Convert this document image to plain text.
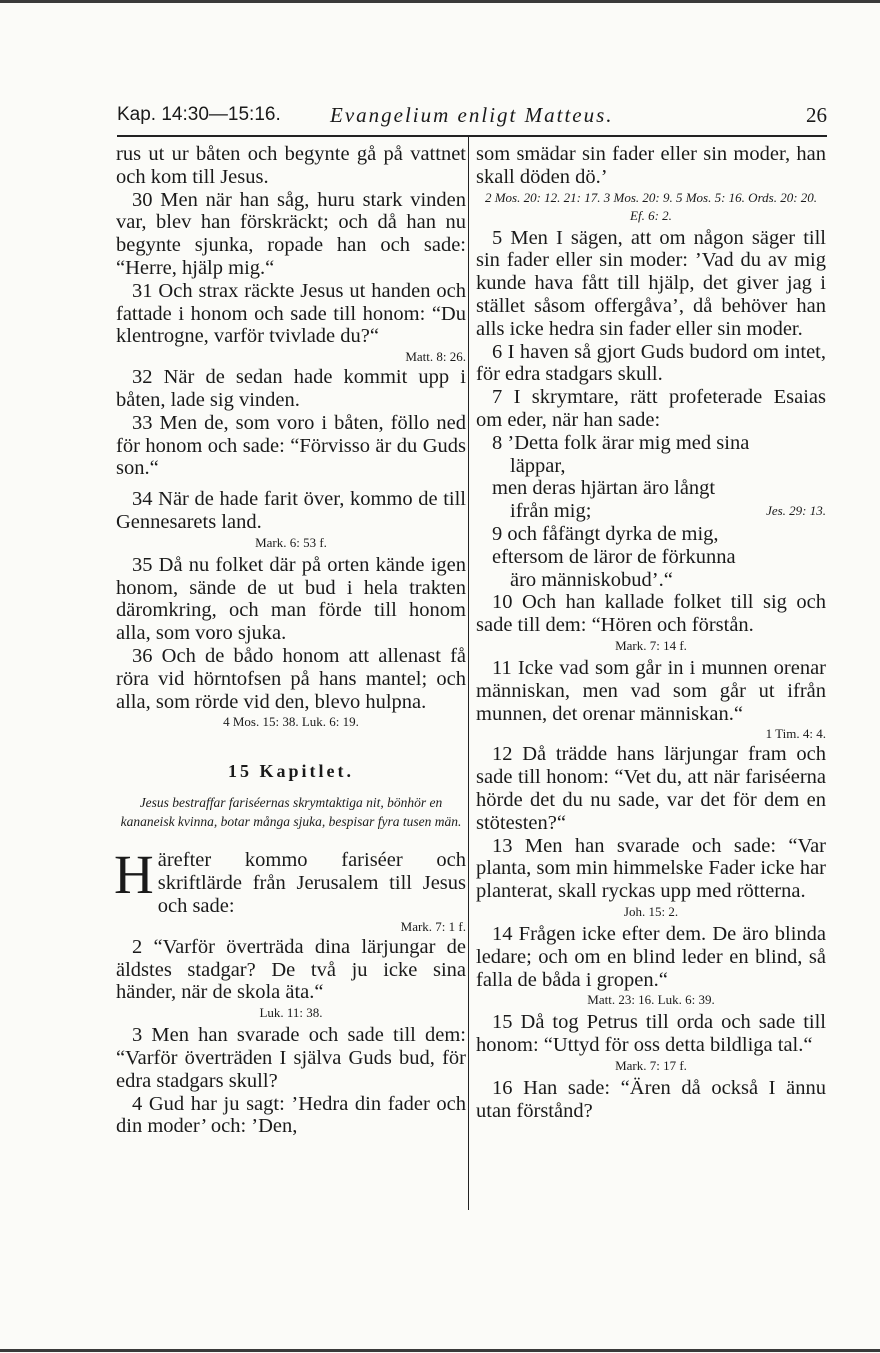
Kap. 14:30—15:16. Evangelium enligt Matteus.	26

rus ut ur båten och begynte gå på vattnet och kom till Jesus.

30 Men när han såg, huru stark vinden var, blev han förskräckt; och då han nu begynte sjunka, ropade han och sade: “Herre, hjälp mig.“

31 Och strax räckte Jesus ut handen och fattade i honom och sade till honom: “Du klentrogne, varför tvivlade du?“

Matt. 8: 26.

32 När de sedan hade kommit upp i båten, lade sig vinden.

33 Men de, som voro i båten, föllo ned för honom och sade: “Förvisso är du Guds son.“

34 När de hade farit över, kommo de till Gennesarets land.

Mark. 6: 53 f.

35 Då nu folket där på orten kände igen honom, sände de ut bud i hela trakten däromkring, och man förde till honom alla, som voro sjuka.

36 Och de bådo honom att allenast få röra vid hörntofsen på hans mantel; och alla, som rörde vid den, blevo hulpna.

4 Mos. 15: 38. Luk. 6: 19.
15 Kapitlet.
Jesus bestraffar fariséernas skrymtaktiga nit, bönhör en kananeisk kvinna, botar många sjuka, bespisar fyra tusen män.

Härefter kommo fariséer och skriftlärde från Jerusalem till Jesus och sade:

Mark. 7: 1 f.

2 “Varför överträda dina lärjungar de äldstes stadgar? De två ju icke sina händer, när de skola äta.“

Luk. 11: 38.

3 Men han svarade och sade till dem: “Varför överträden I själva Guds bud, för edra stadgars skull?

4 Gud har ju sagt: ’Hedra din fader och din moder’ och: ’Den,

som smädar sin fader eller sin moder, han skall döden dö.’

2 Mos. 20: 12. 21: 17. 3 Mos. 20: 9. 5 Mos. 5: 16. Ords. 20: 20. Ef. 6: 2.

5 Men I sägen, att om någon säger till sin fader eller sin moder: ’Vad du av mig kunde hava fått till hjälp, det giver jag i stället såsom offergåva’, då behöver han alls icke hedra sin fader eller sin moder.

6 I haven så gjort Guds budord om intet, för edra stadgars skull.

7 I skrymtare, rätt profeterade Esaias om eder, när han sade:

8 ’Detta folk ärar mig med sina

läppar,

men deras hjärtan äro långt

ifrån mig;	Jes. 29: 13.

9 och fåfängt dyrka de mig,

eftersom de läror de förkunna

äro människobud’.“

10 Och han kallade folket till sig och sade till dem: “Hören och förstån.

Mark. 7: 14 f.

11 Icke vad som går in i munnen orenar människan, men vad som går ut ifrån munnen, det orenar människan.“

1 Tim. 4: 4.

12 Då trädde hans lärjungar fram och sade till honom: “Vet du, att när fariséerna hörde det du nu sade, var det för dem en stötesten?“

13 Men han svarade och sade: “Var planta, som min himmelske Fader icke har planterat, skall ryckas upp med rötterna.

Joh. 15: 2.

14 Frågen icke efter dem. De äro blinda ledare; och om en blind leder en blind, så falla de båda i gropen.“

Matt. 23: 16. Luk. 6: 39.

15 Då tog Petrus till orda och sade till honom: “Uttyd för oss detta bildliga tal.“

Mark. 7: 17 f.

16 Han sade: “Ären då också I ännu utan förstånd?
